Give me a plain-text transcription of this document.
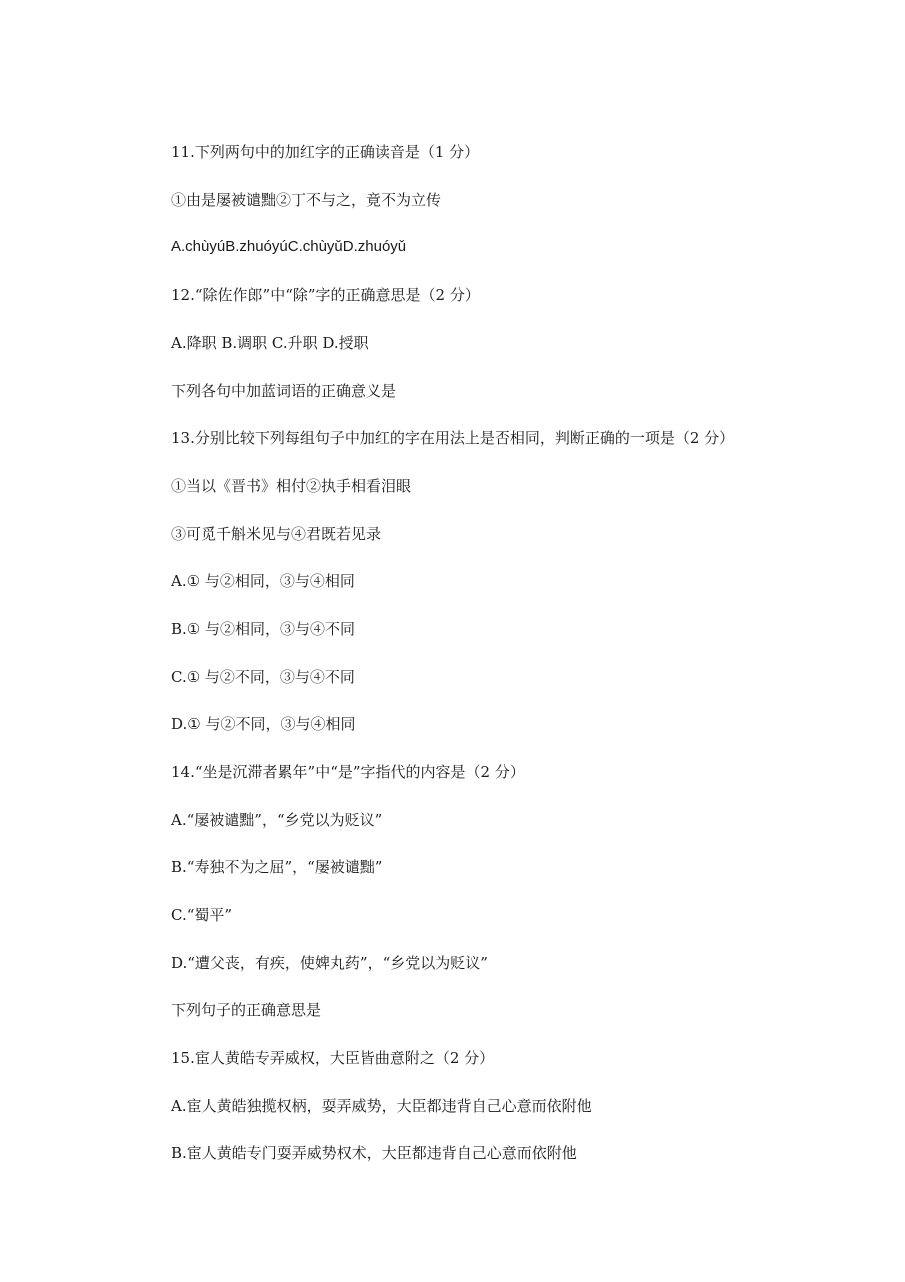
11.下列两句中的加红字的正确读音是（1 分）
①由是屡被谴黜②丁不与之，竟不为立传
A.chùyúB.zhuóyúC.chùyǔD.zhuóyǔ
12.“除佐作郎”中“除”字的正确意思是（2 分）
A.降职 B.调职 C.升职 D.授职
下列各句中加蓝词语的正确意义是
13.分别比较下列每组句子中加红的字在用法上是否相同，判断正确的一项是（2 分）
①当以《晋书》相付②执手相看泪眼
③可觅千斛米见与④君既若见录
A.① 与②相同，③与④相同
B.① 与②相同，③与④不同
C.① 与②不同，③与④不同
D.① 与②不同，③与④相同
14.“坐是沉滞者累年”中“是”字指代的内容是（2 分）
A.“屡被谴黜”，“乡党以为贬议”
B.“寿独不为之屈”，“屡被谴黜”
C.“蜀平”
D.“遭父丧，有疾，使婢丸药”，“乡党以为贬议”
下列句子的正确意思是
15.宦人黄皓专弄威权，大臣皆曲意附之（2 分）
A.宦人黄皓独揽权柄，耍弄威势，大臣都违背自己心意而依附他
B.宦人黄皓专门耍弄威势权术，大臣都违背自己心意而依附他
